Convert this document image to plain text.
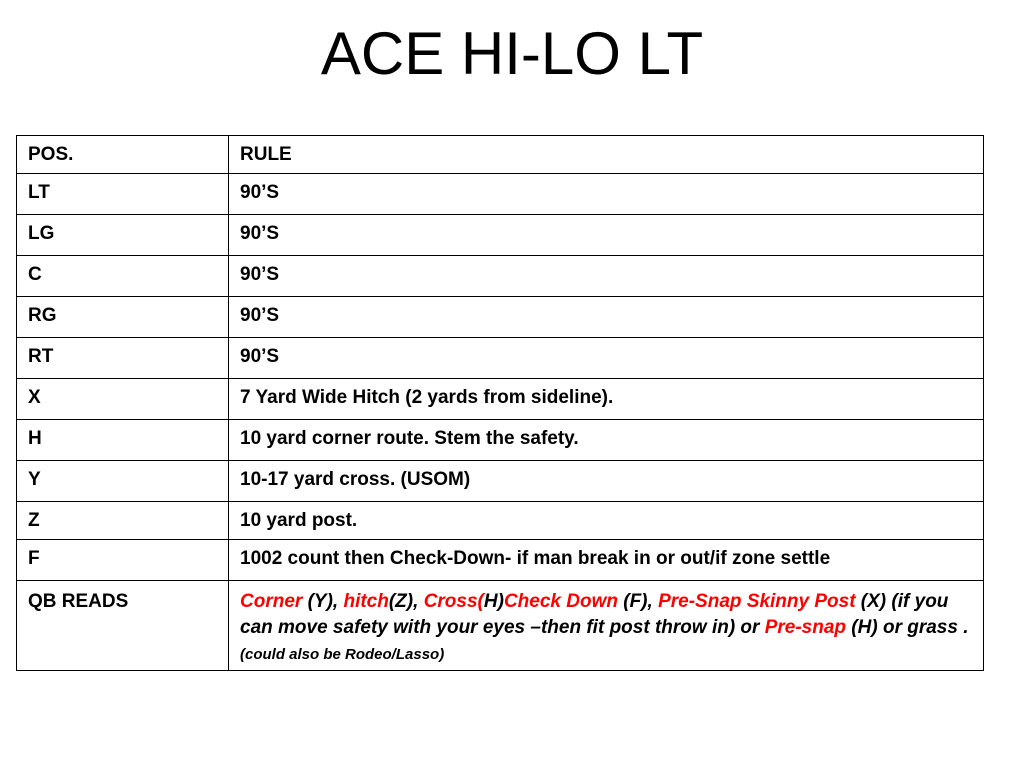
ACE HI-LO LT
POS.	RULE
LT	90’S
LG	90’S
C	90’S
RG	90’S
RT	90’S
X	7 Yard Wide Hitch (2 yards from sideline).
H	10 yard corner route. Stem the safety.
Y	10-17 yard cross. (USOM)
Z	10 yard post.
F	1002 count then Check-Down- if man break in or out/if zone settle
QB READS	Corner (Y), hitch(Z), Cross(H)Check Down (F), Pre-Snap Skinny Post (X) (if you can move safety with your eyes –then fit post throw in) or Pre-snap (H) or grass . (could also be Rodeo/Lasso)
